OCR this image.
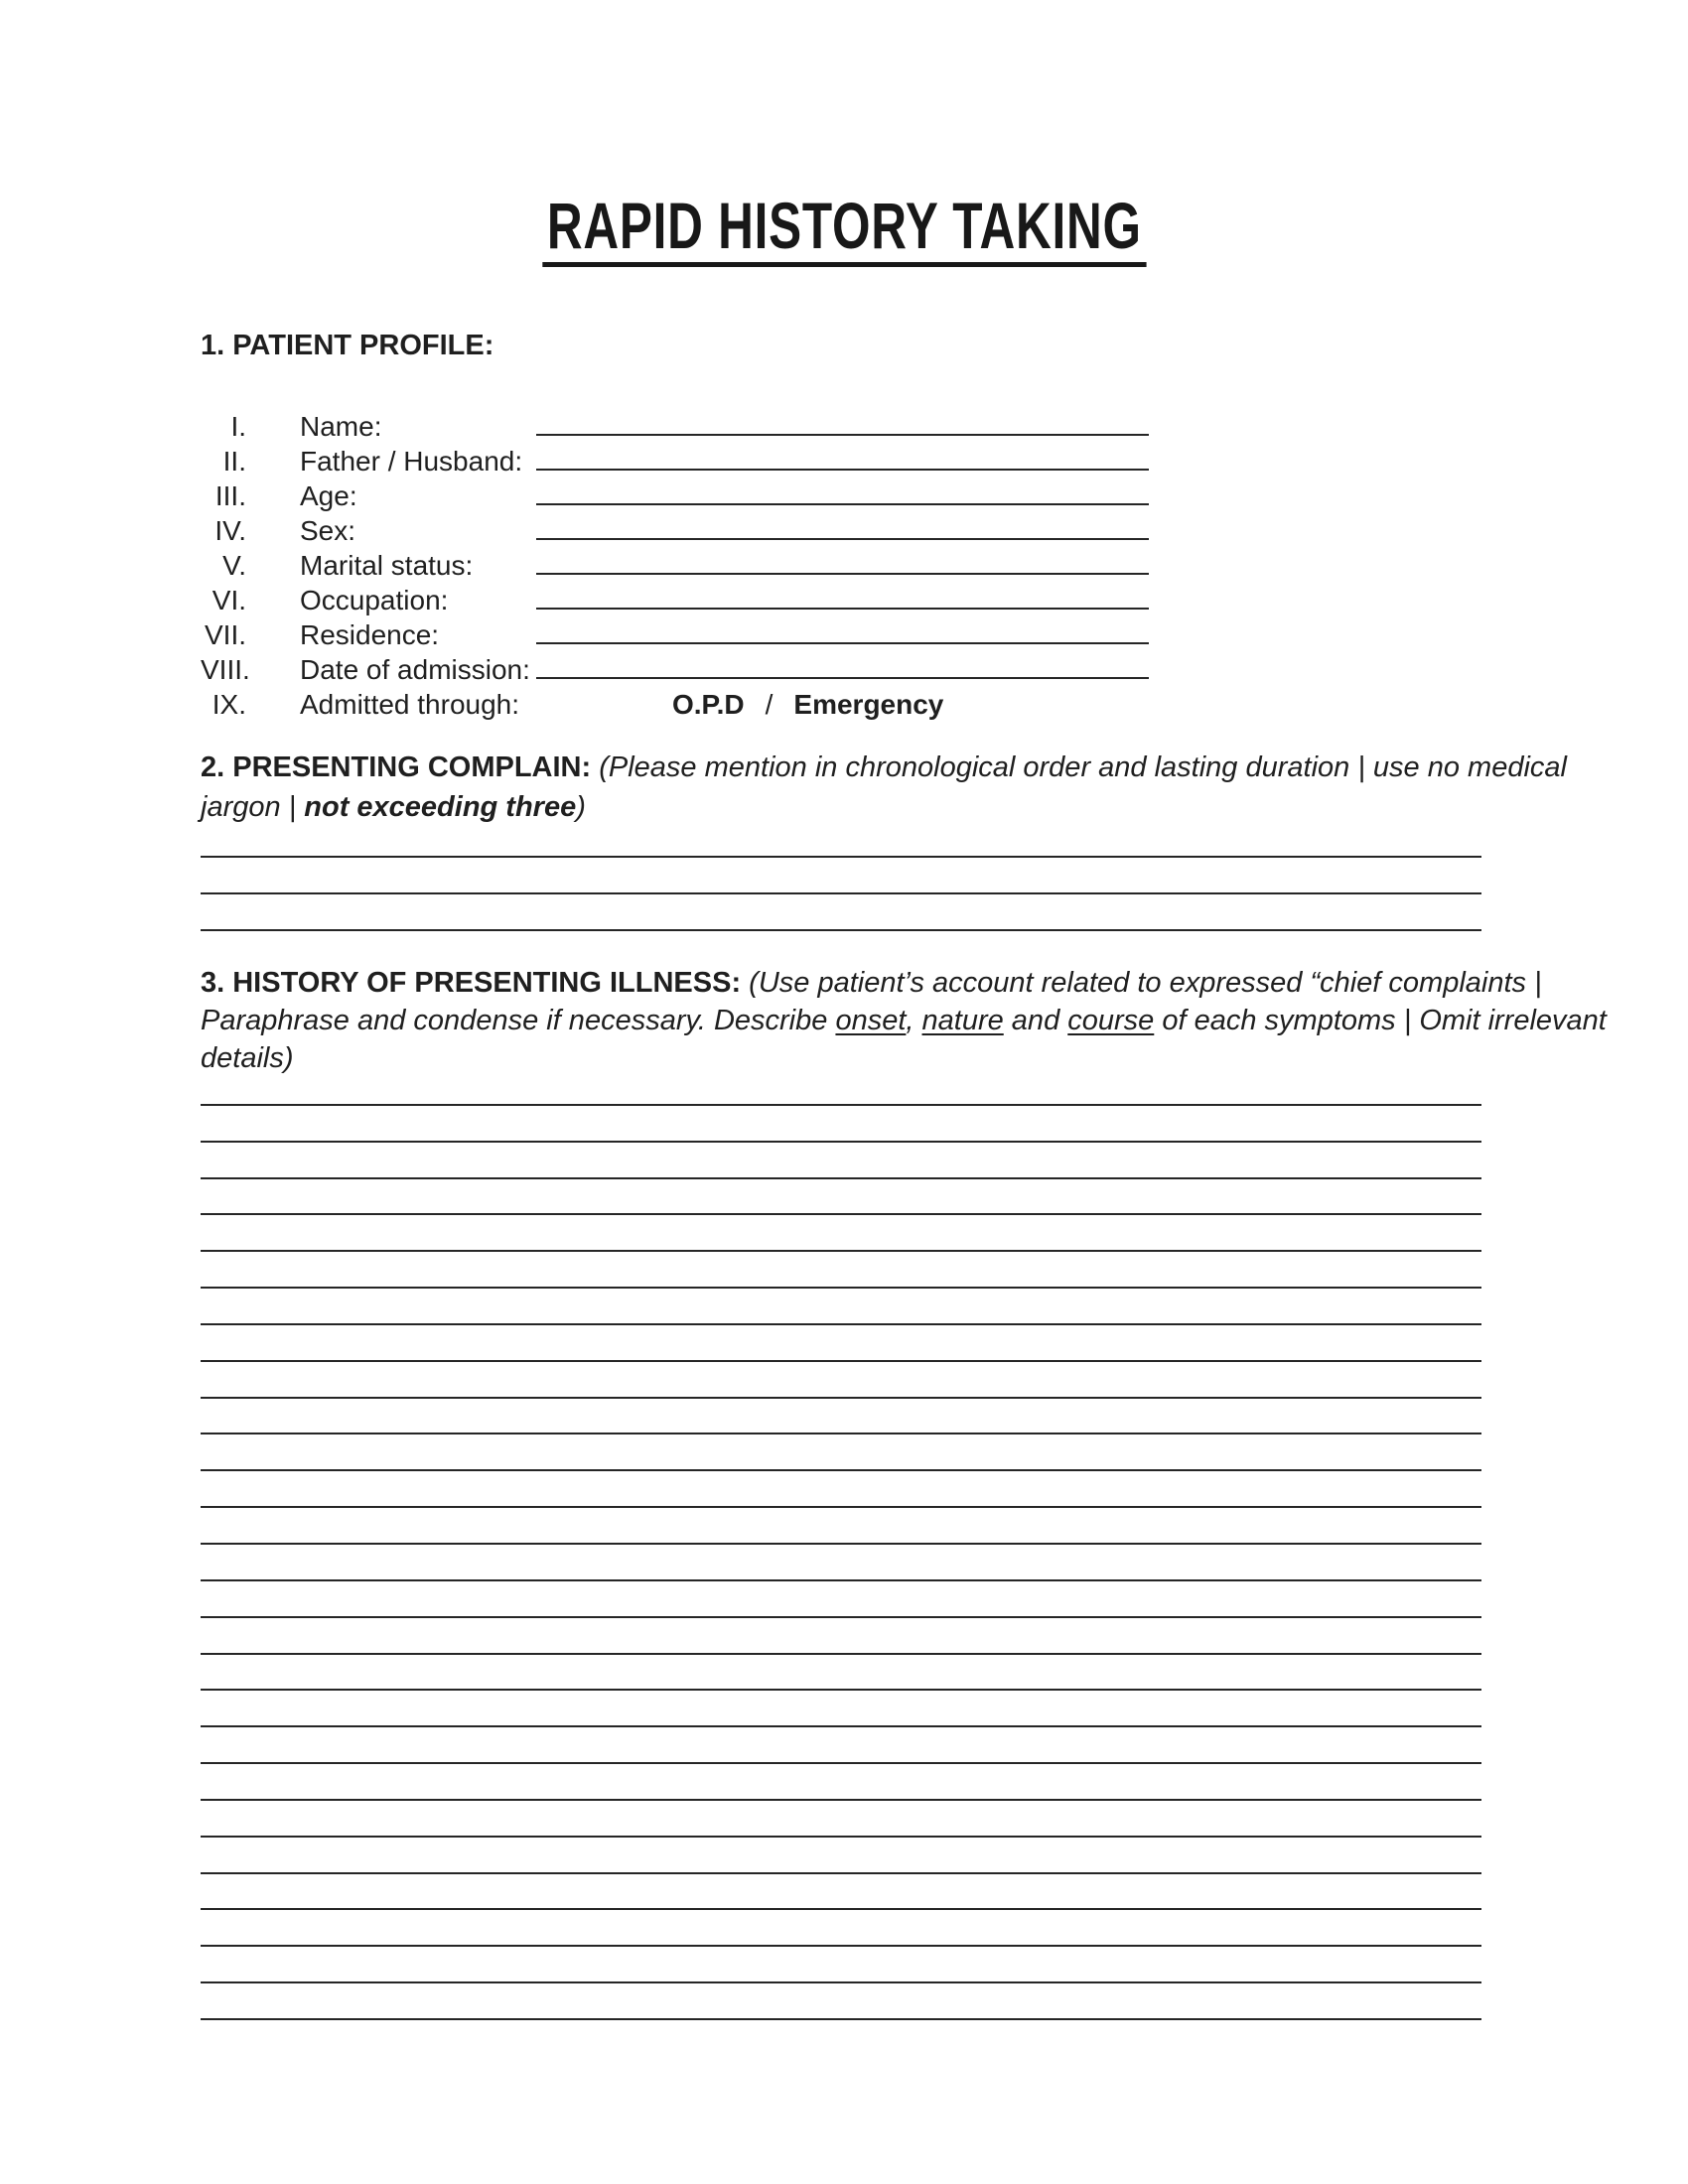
RAPID HISTORY TAKING
1. PATIENT PROFILE:
I. Name:
II. Father / Husband:
III. Age:
IV. Sex:
V. Marital status:
VI. Occupation:
VII. Residence:
VIII. Date of admission:
IX. Admitted through:	O.P.D / Emergency
2. PRESENTING COMPLAIN: (Please mention in chronological order and lasting duration | use no medical
jargon | not exceeding three)
3. HISTORY OF PRESENTING ILLNESS: (Use patient’s account related to expressed “chief complaints |
Paraphrase and condense if necessary. Describe onset, nature and course of each symptoms | Omit irrelevant
details)
